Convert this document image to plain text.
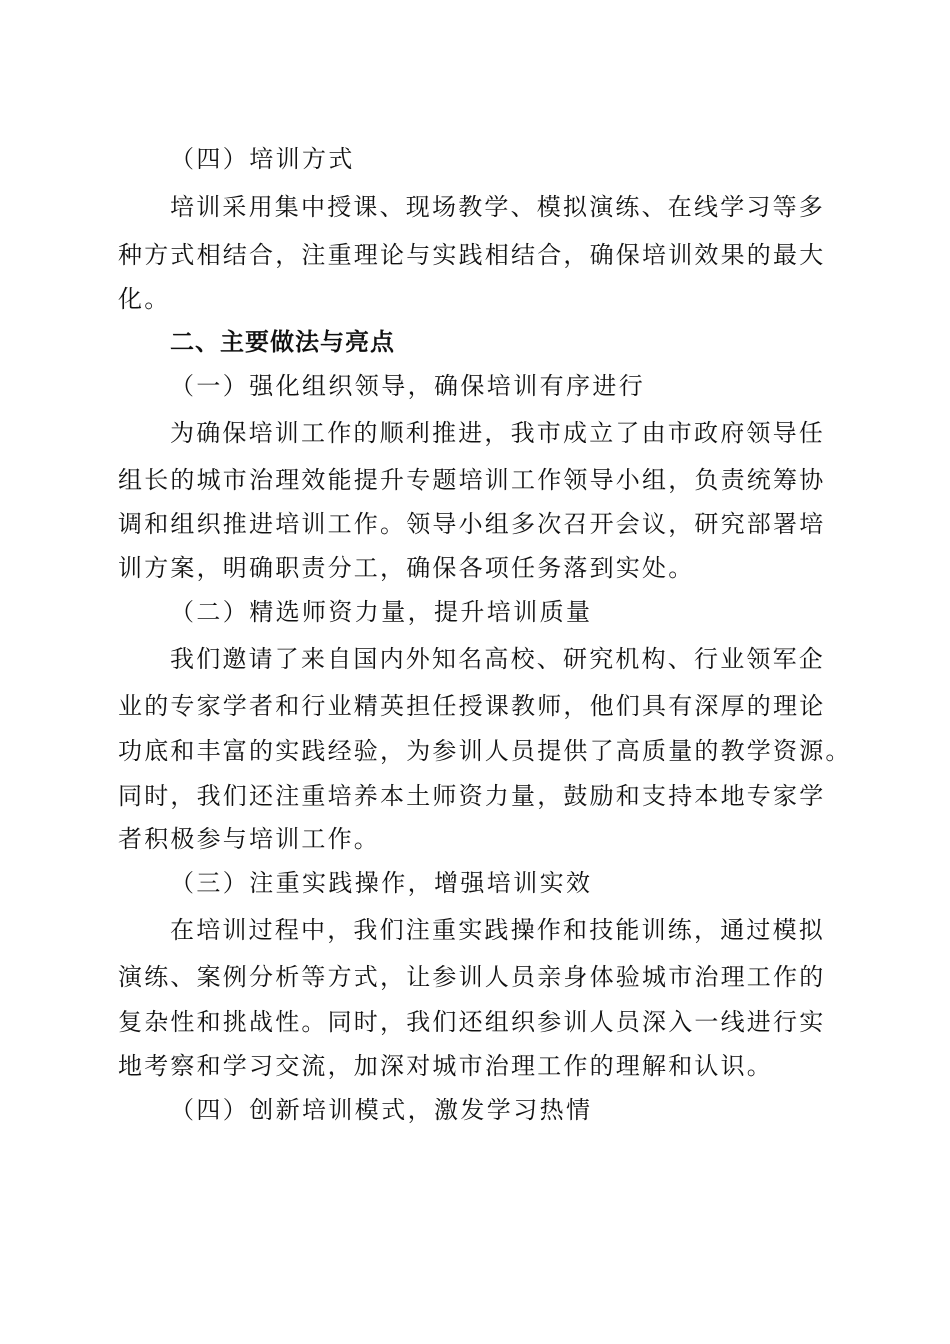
（四）培训方式
培训采用集中授课、现场教学、模拟演练、在线学习等多
种方式相结合，注重理论与实践相结合，确保培训效果的最大
化。
二、主要做法与亮点
（一）强化组织领导，确保培训有序进行
为确保培训工作的顺利推进，我市成立了由市政府领导任
组长的城市治理效能提升专题培训工作领导小组，负责统筹协
调和组织推进培训工作。领导小组多次召开会议，研究部署培
训方案，明确职责分工，确保各项任务落到实处。
（二）精选师资力量，提升培训质量
我们邀请了来自国内外知名高校、研究机构、行业领军企
业的专家学者和行业精英担任授课教师，他们具有深厚的理论
功底和丰富的实践经验，为参训人员提供了高质量的教学资源。
同时，我们还注重培养本土师资力量，鼓励和支持本地专家学
者积极参与培训工作。
（三）注重实践操作，增强培训实效
在培训过程中，我们注重实践操作和技能训练，通过模拟
演练、案例分析等方式，让参训人员亲身体验城市治理工作的
复杂性和挑战性。同时，我们还组织参训人员深入一线进行实
地考察和学习交流，加深对城市治理工作的理解和认识。
（四）创新培训模式，激发学习热情
